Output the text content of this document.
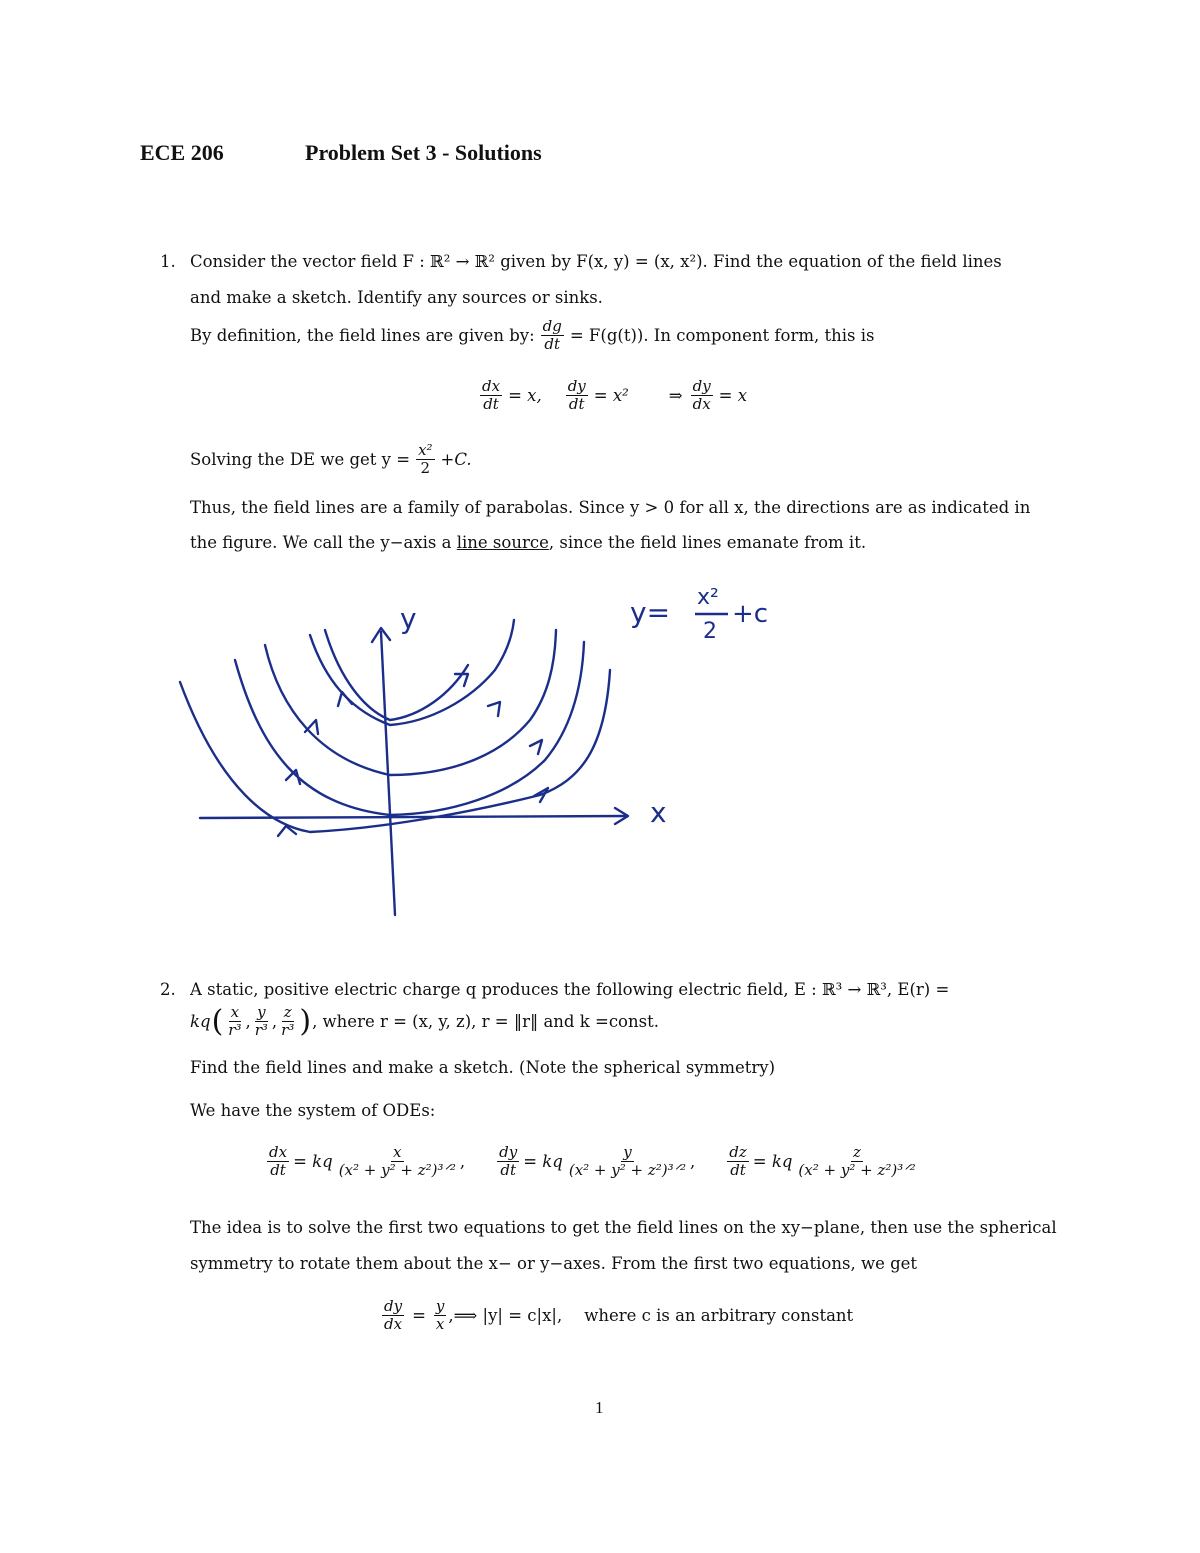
ECE 206	Problem Set 3 - Solutions
1. Consider the vector field F : ℝ² → ℝ² given by F(x, y) = (x, x²). Find the equation of the field lines
and make a sketch. Identify any sources or sinks.
By definition, the field lines are given by: $\frac{dg}{dt} = F(g(t))$. In component form, this is
$\frac{dx}{dt} = x$, $\frac{dy}{dt} = x^2$ ⇒ $\frac{dy}{dx} = x$
Solving the DE we get $y = \frac{\text{x²}}{2} +C$.
Thus, the field lines are a family of parabolas. Since y > 0 for all x, the directions are as indicated in
the figure. We call the y−axis a line source, since the field lines emanate from it.
y
x
y= x²
2
+c
2. A static, positive electric charge q produces the following electric field, E : ℝ³ → ℝ³, E(r) =
kq ( $\frac{x}{\text{r³}}$ , $\frac{y}{\text{r³}}$ , $\frac{z}{\text{r³}}$ ) , where r = (x, y, z), r = ‖r‖ and k =const.
Find the field lines and make a sketch. (Note the spherical symmetry)
We have the system of ODEs:
$\frac{dx}{dt}$ = kq $\frac{x}{\text{(x² + y² + z²)³ᐟ²}}$ , $\frac{dy}{dt}$ = kq $\frac{y}{\text{(x² + y² + z²)³ᐟ²}}$ , $\frac{dz}{dt}$ = kq $\frac{z}{\text{(x² + y² + z²)³ᐟ²}}$
The idea is to solve the first two equations to get the field lines on the xy−plane, then use the spherical
symmetry to rotate them about the x− or y−axes. From the first two equations, we get
$\frac{dy}{dx} = \frac{y}{x}$ ,⟹ |y| = c|x|, where c is an arbitrary constant
1
